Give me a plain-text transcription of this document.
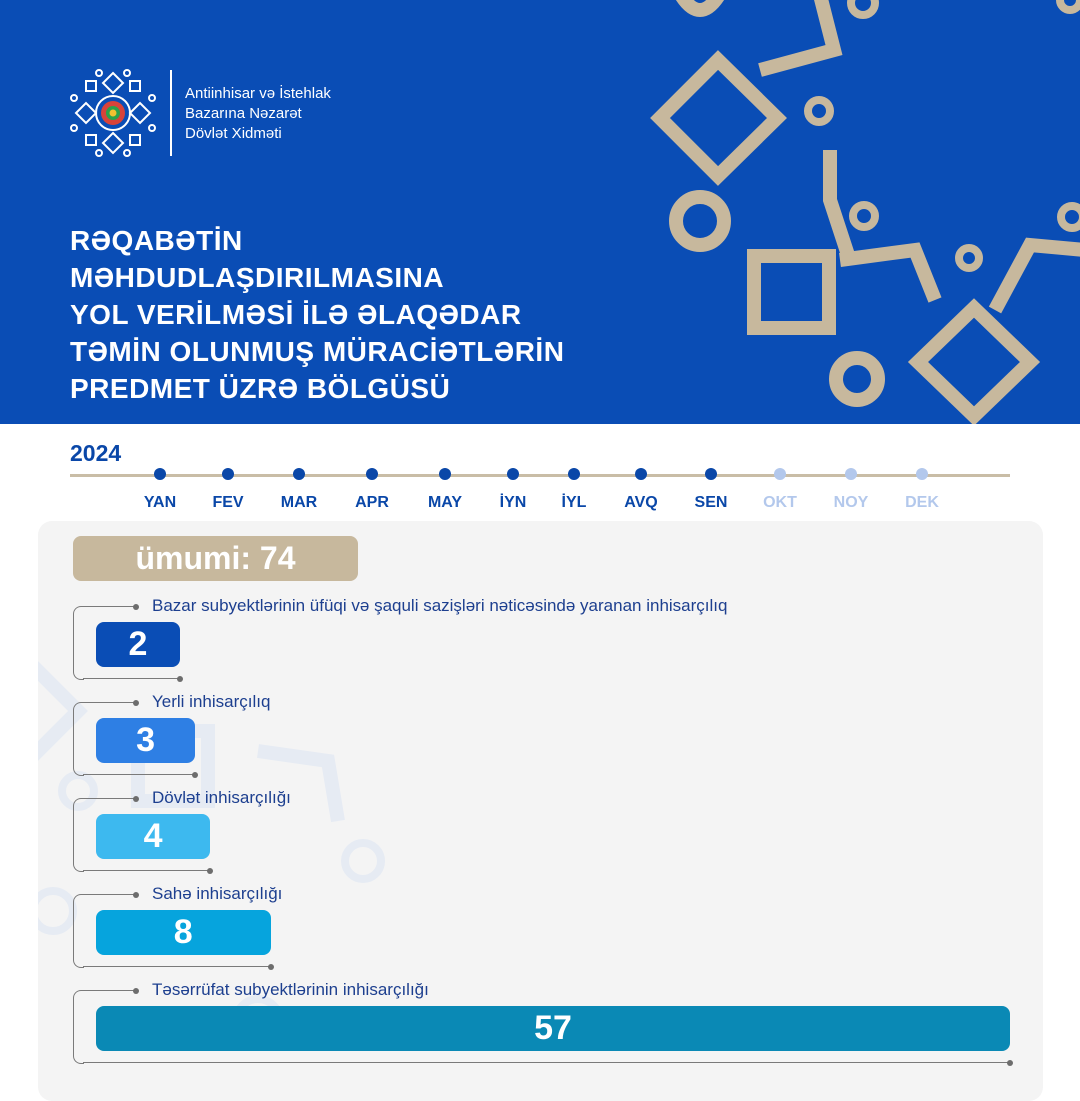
Antiinhisar və İstehlak
Bazarına Nəzarət
Dövlət Xidməti
RƏQABƏTİN
MƏHDUDLAŞDIRILMASINA
YOL VERİLMƏSİ İLƏ ƏLAQƏDAR
TƏMİN OLUNMUŞ MÜRACİƏTLƏRİN
PREDMET ÜZRƏ BÖLGÜSÜ
2024
YAN	FEV	MAR	APR	MAY	İYN	İYL	AVQ	SEN	OKT	NOY	DEK
ümumi: 74
Bazar subyektlərinin üfüqi və şaquli sazişləri nəticəsində yaranan inhisarçılıq
2
Yerli inhisarçılıq
3
Dövlət inhisarçılığı
4
Sahə inhisarçılığı
8
Təsərrüfat subyektlərinin inhisarçılığı
57
